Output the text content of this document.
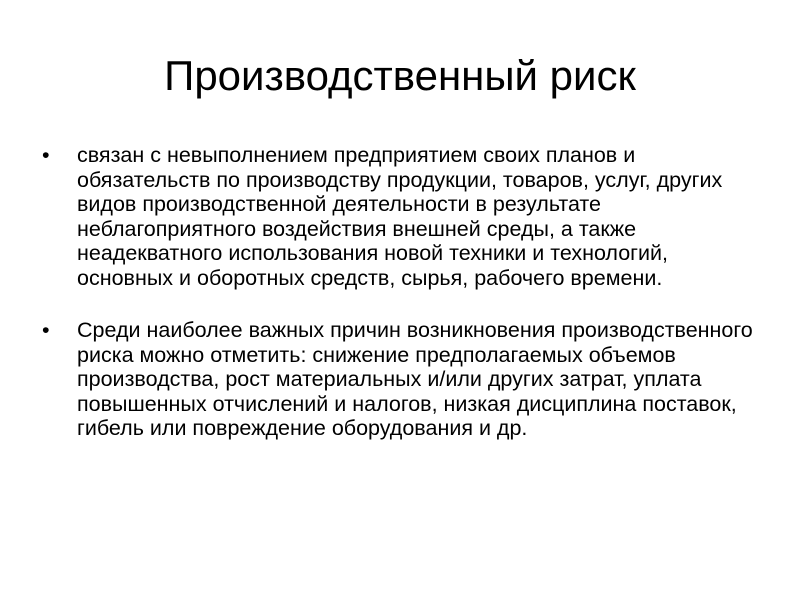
Производственный риск
•	связан с невыполнением предприятием своих планов и обязательств по производству продукции, товаров, услуг, других видов производственной деятельности в результате неблагоприятного воздействия внешней среды, а также неадекватного использования новой техники и технологий, основных и оборотных средств, сырья, рабочего времени.
•	Среди наиболее важных причин возникновения производственного риска можно отметить: снижение предполагаемых объемов производства, рост материальных и/или других затрат, уплата повышенных отчислений и налогов, низкая дисциплина поставок, гибель или повреждение оборудования и др.
